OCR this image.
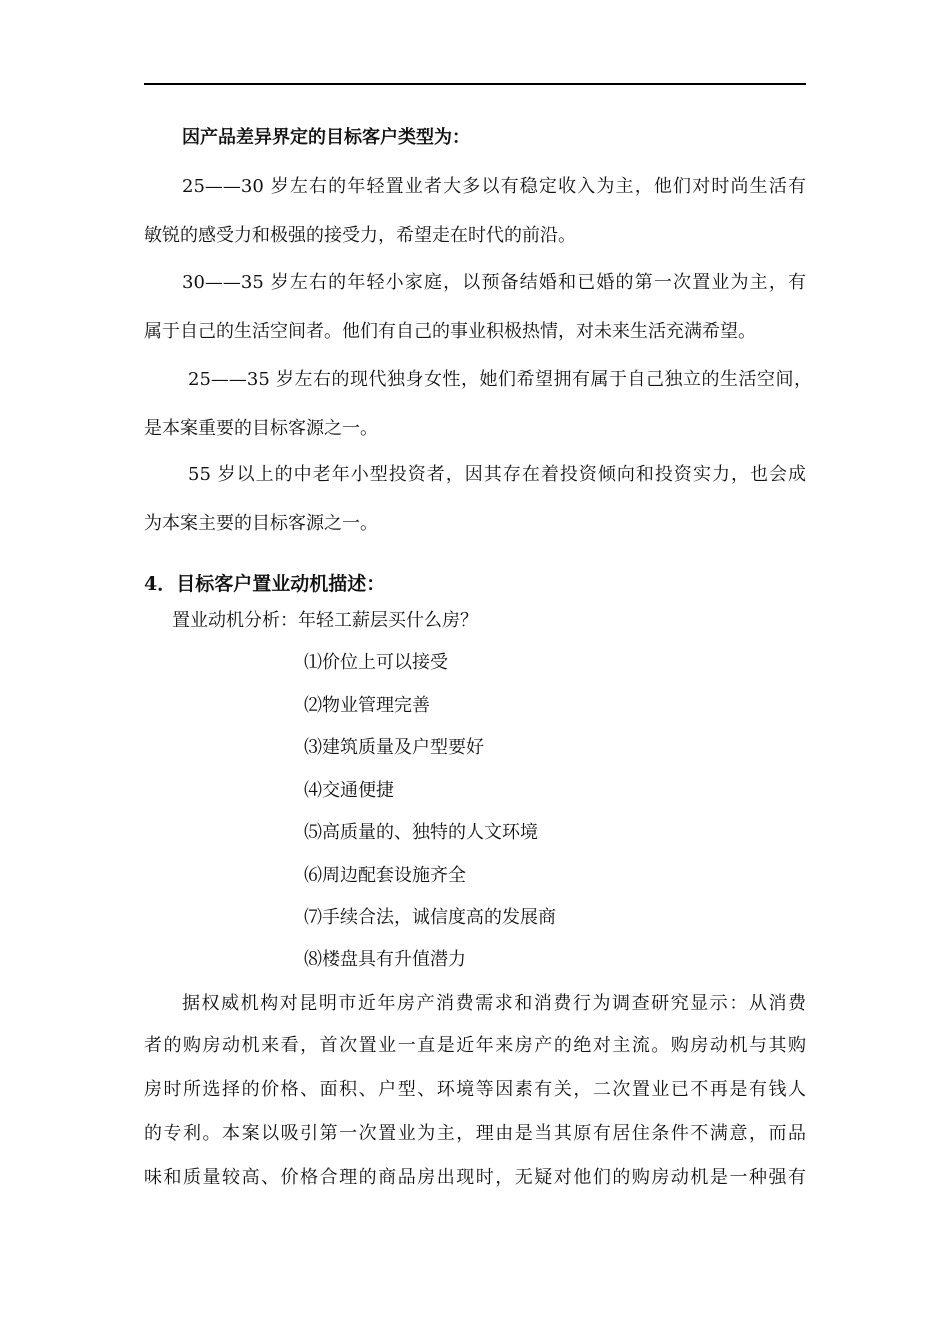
因产品差异界定的目标客户类型为：
25——30 岁左右的年轻置业者大多以有稳定收入为主，他们对时尚生活有
敏锐的感受力和极强的接受力，希望走在时代的前沿。
30——35 岁左右的年轻小家庭，以预备结婚和已婚的第一次置业为主，有
属于自己的生活空间者。他们有自己的事业积极热情，对未来生活充满希望。
25——35 岁左右的现代独身女性，她们希望拥有属于自己独立的生活空间，
是本案重要的目标客源之一。
55 岁以上的中老年小型投资者，因其存在着投资倾向和投资实力，也会成
为本案主要的目标客源之一。
4．目标客户置业动机描述：
置业动机分析：年轻工薪层买什么房？
⑴价位上可以接受
⑵物业管理完善
⑶建筑质量及户型要好
⑷交通便捷
⑸高质量的、独特的人文环境
⑹周边配套设施齐全
⑺手续合法，诚信度高的发展商
⑻楼盘具有升值潜力
据权威机构对昆明市近年房产消费需求和消费行为调查研究显示：从消费
者的购房动机来看，首次置业一直是近年来房产的绝对主流。购房动机与其购
房时所选择的价格、面积、户型、环境等因素有关，二次置业已不再是有钱人
的专利。本案以吸引第一次置业为主，理由是当其原有居住条件不满意，而品
味和质量较高、价格合理的商品房出现时，无疑对他们的购房动机是一种强有
